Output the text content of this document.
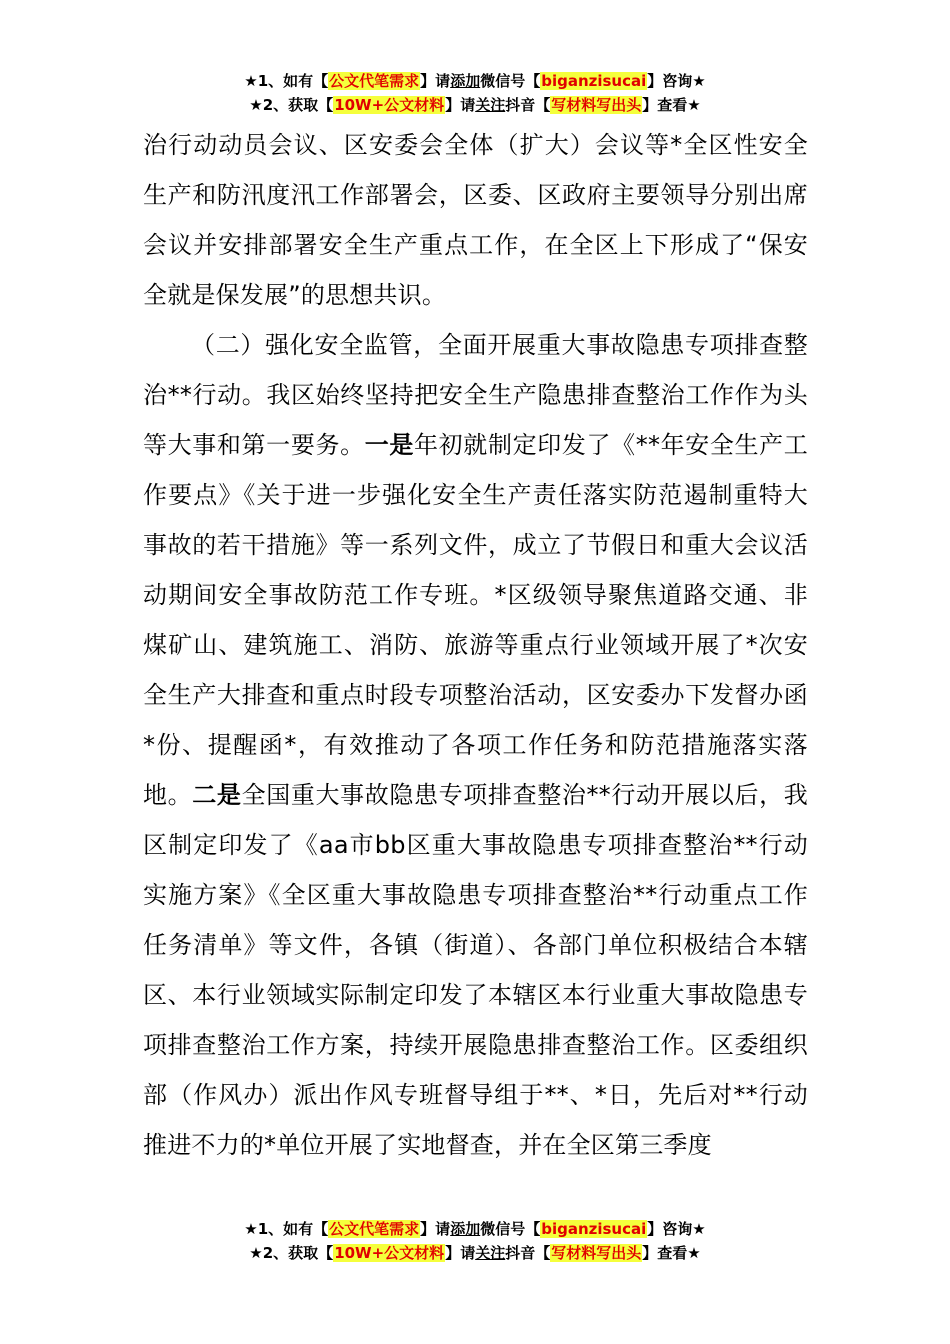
★1、如有【公文代笔需求】请添加微信号【biganzisucai】咨询★
★2、获取【10W+公文材料】请关注抖音【写材料写出头】查看★

治行动动员会议、区安委会全体（扩大）会议等*全区性安全生产和防汛度汛工作部署会，区委、区政府主要领导分别出席会议并安排部署安全生产重点工作，在全区上下形成了“保安全就是保发展”的思想共识。

（二）强化安全监管，全面开展重大事故隐患专项排查整治**行动。我区始终坚持把安全生产隐患排查整治工作作为头等大事和第一要务。一是年初就制定印发了《**年安全生产工作要点》《关于进一步强化安全生产责任落实防范遏制重特大事故的若干措施》等一系列文件，成立了节假日和重大会议活动期间安全事故防范工作专班。*区级领导聚焦道路交通、非煤矿山、建筑施工、消防、旅游等重点行业领域开展了*次安全生产大排查和重点时段专项整治活动，区安委办下发督办函*份、提醒函*，有效推动了各项工作任务和防范措施落实落地。二是全国重大事故隐患专项排查整治**行动开展以后，我区制定印发了《aa市bb区重大事故隐患专项排查整治**行动实施方案》《全区重大事故隐患专项排查整治**行动重点工作任务清单》等文件，各镇（街道）、各部门单位积极结合本辖区、本行业领域实际制定印发了本辖区本行业重大事故隐患专项排查整治工作方案，持续开展隐患排查整治工作。区委组织部（作风办）派出作风专班督导组于**、*日，先后对**行动推进不力的*单位开展了实地督查，并在全区第三季度

★1、如有【公文代笔需求】请添加微信号【biganzisucai】咨询★
★2、获取【10W+公文材料】请关注抖音【写材料写出头】查看★
